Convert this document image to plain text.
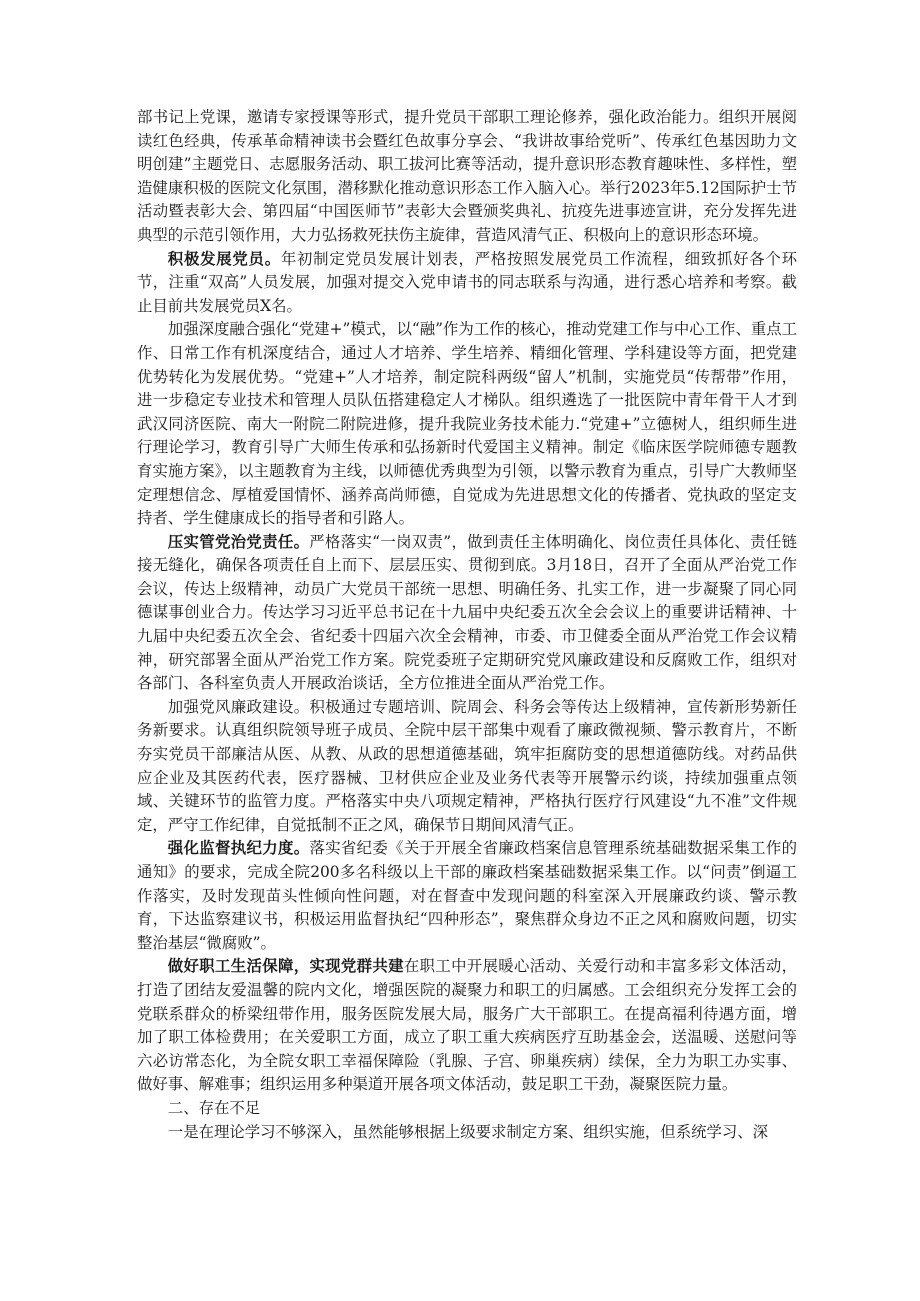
部书记上党课，邀请专家授课等形式，提升党员干部职工理论修养，强化政治能力。组织开展阅读红色经典，传承革命精神读书会暨红色故事分享会、“我讲故事给党听”、传承红色基因助力文明创建”主题党日、志愿服务活动、职工拔河比赛等活动，提升意识形态教育趣味性、多样性，塑造健康积极的医院文化氛围，潜移默化推动意识形态工作入脑入心。举行2023年5.12国际护士节活动暨表彰大会、第四届“中国医师节”表彰大会暨颁奖典礼、抗疫先进事迹宣讲，充分发挥先进典型的示范引领作用，大力弘扬救死扶伤主旋律，营造风清气正、积极向上的意识形态环境。

积极发展党员。年初制定党员发展计划表，严格按照发展党员工作流程，细致抓好各个环节，注重“双高”人员发展，加强对提交入党申请书的同志联系与沟通，进行悉心培养和考察。截止目前共发展党员X名。

加强深度融合强化“党建+”模式，以“融”作为工作的核心，推动党建工作与中心工作、重点工作、日常工作有机深度结合，通过人才培养、学生培养、精细化管理、学科建设等方面，把党建优势转化为发展优势。“党建+”人才培养，制定院科两级“留人”机制，实施党员“传帮带”作用，进一步稳定专业技术和管理人员队伍搭建稳定人才梯队。组织遴选了一批医院中青年骨干人才到武汉同济医院、南大一附院二附院进修，提升我院业务技术能力.“党建+”立德树人，组织师生进行理论学习，教育引导广大师生传承和弘扬新时代爱国主义精神。制定《临床医学院师德专题教育实施方案》，以主题教育为主线，以师德优秀典型为引领，以警示教育为重点，引导广大教师坚定理想信念、厚植爱国情怀、涵养高尚师德，自觉成为先进思想文化的传播者、党执政的坚定支持者、学生健康成长的指导者和引路人。

压实管党治党责任。严格落实“一岗双责”，做到责任主体明确化、岗位责任具体化、责任链接无缝化，确保各项责任自上而下、层层压实、贯彻到底。3月18日，召开了全面从严治党工作会议，传达上级精神，动员广大党员干部统一思想、明确任务、扎实工作，进一步凝聚了同心同德谋事创业合力。传达学习习近平总书记在十九届中央纪委五次全会会议上的重要讲话精神、十九届中央纪委五次全会、省纪委十四届六次全会精神，市委、市卫健委全面从严治党工作会议精神，研究部署全面从严治党工作方案。院党委班子定期研究党风廉政建设和反腐败工作，组织对各部门、各科室负责人开展政治谈话，全方位推进全面从严治党工作。

加强党风廉政建设。积极通过专题培训、院周会、科务会等传达上级精神，宣传新形势新任务新要求。认真组织院领导班子成员、全院中层干部集中观看了廉政微视频、警示教育片，不断夯实党员干部廉洁从医、从教、从政的思想道德基础，筑牢拒腐防变的思想道德防线。对药品供应企业及其医药代表，医疗器械、卫材供应企业及业务代表等开展警示约谈，持续加强重点领域、关键环节的监管力度。严格落实中央八项规定精神，严格执行医疗行风建设“九不准”文件规定，严守工作纪律，自觉抵制不正之风，确保节日期间风清气正。

强化监督执纪力度。落实省纪委《关于开展全省廉政档案信息管理系统基础数据采集工作的通知》的要求，完成全院200多名科级以上干部的廉政档案基础数据采集工作。以“问责”倒逼工作落实，及时发现苗头性倾向性问题，对在督查中发现问题的科室深入开展廉政约谈、警示教育，下达监察建议书，积极运用监督执纪“四种形态”，聚焦群众身边不正之风和腐败问题，切实整治基层“微腐败”。

做好职工生活保障，实现党群共建在职工中开展暖心活动、关爱行动和丰富多彩文体活动，打造了团结友爱温馨的院内文化，增强医院的凝聚力和职工的归属感。工会组织充分发挥工会的党联系群众的桥梁纽带作用，服务医院发展大局，服务广大干部职工。在提高福利待遇方面，增加了职工体检费用；在关爱职工方面，成立了职工重大疾病医疗互助基金会，送温暖、送慰问等六必访常态化，为全院女职工幸福保障险（乳腺、子宫、卵巢疾病）续保，全力为职工办实事、做好事、解难事；组织运用多种渠道开展各项文体活动，鼓足职工干劲，凝聚医院力量。

二、存在不足

一是在理论学习不够深入，虽然能够根据上级要求制定方案、组织实施，但系统学习、深
